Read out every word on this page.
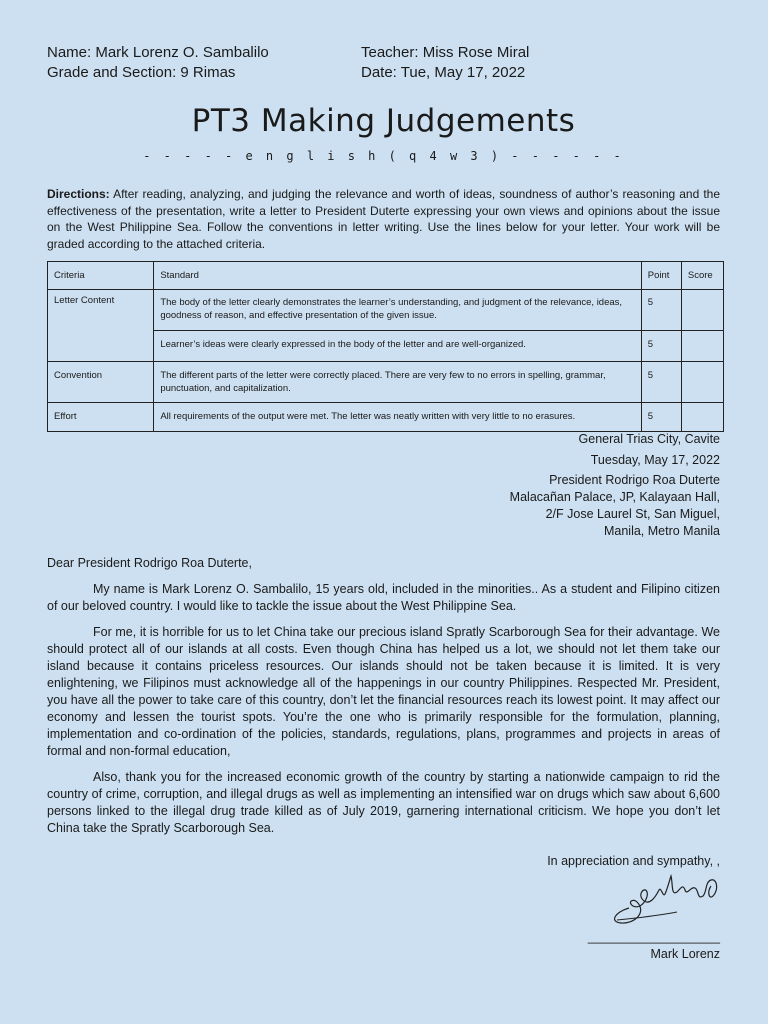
Name: Mark Lorenz O. Sambalilo
Grade and Section: 9 Rimas
Teacher: Miss Rose Miral
Date: Tue, May 17, 2022
PT3 Making Judgements
- - - - - e n g l i s h ( q 4 w 3 ) - - - - - -
Directions: After reading, analyzing, and judging the relevance and worth of ideas, soundness of author’s reasoning and the effectiveness of the presentation, write a letter to President Duterte expressing your own views and opinions about the issue on the West Philippine Sea. Follow the conventions in letter writing. Use the lines below for your letter. Your work will be graded according to the attached criteria.
Criteria	Standard	Point	Score
Letter Content	The body of the letter clearly demonstrates the learner’s understanding, and judgment of the relevance, ideas, goodness of reason, and effective presentation of the given issue.	5	
	Learner’s ideas were clearly expressed in the body of the letter and are well-organized.	5	
Convention	The different parts of the letter were correctly placed. There are very few to no errors in spelling, grammar, punctuation, and capitalization.	5	
Effort	All requirements of the output were met. The letter was neatly written with very little to no erasures.	5	
General Trias City, Cavite
Tuesday, May 17, 2022
President Rodrigo Roa Duterte
Malacañan Palace, JP, Kalayaan Hall,
2/F Jose Laurel St, San Miguel,
Manila, Metro Manila
Dear President Rodrigo Roa Duterte,

My name is Mark Lorenz O. Sambalilo, 15 years old, included in the minorities.. As a student and Filipino citizen of our beloved country. I would like to tackle the issue about the West Philippine Sea.

For me, it is horrible for us to let China take our precious island Spratly Scarborough Sea for their advantage. We should protect all of our islands at all costs. Even though China has helped us a lot, we should not let them take our island because it contains priceless resources. Our islands should not be taken because it is limited. It is very enlightening, we Filipinos must acknowledge all of the happenings in our country Philippines. Respected Mr. President, you have all the power to take care of this country, don’t let the financial resources reach its lowest point. It may affect our economy and lessen the tourist spots. You’re the one who is primarily responsible for the formulation, planning, implementation and co-ordination of the policies, standards, regulations, plans, programmes and projects in areas of formal and non-formal education,

Also, thank you for the increased economic growth of the country by starting a nationwide campaign to rid the country of crime, corruption, and illegal drugs as well as implementing an intensified war on drugs which saw about 6,600 persons linked to the illegal drug trade killed as of July 2019, garnering international criticism. We hope you don’t let China take the Spratly Scarborough Sea.

In appreciation and sympathy, ,
___________________
Mark Lorenz
